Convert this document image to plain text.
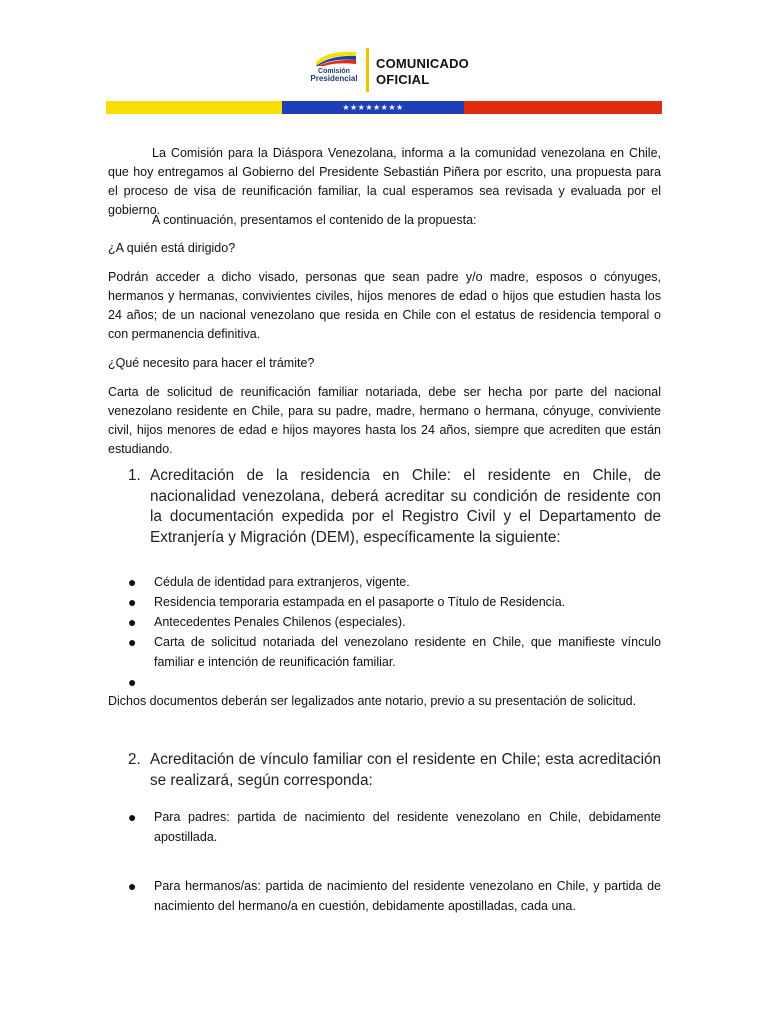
Comisión
Presidencial
COMUNICADO
OFICIAL
★★★★★★★★
La Comisión para la Diáspora Venezolana, informa a la comunidad venezolana en Chile, que hoy entregamos al Gobierno del Presidente Sebastián Piñera por escrito, una propuesta para el proceso de visa de reunificación familiar, la cual esperamos sea revisada y evaluada por el gobierno.
A continuación, presentamos el contenido de la propuesta:
¿A quién está dirigido?
Podrán acceder a dicho visado, personas que sean padre y/o madre, esposos o cónyuges, hermanos y hermanas, convivientes civiles, hijos menores de edad o hijos que estudien hasta los 24 años; de un nacional venezolano que resida en Chile con el estatus de residencia temporal o con permanencia definitiva.
¿Qué necesito para hacer el trámite?
Carta de solicitud de reunificación familiar notariada, debe ser hecha por parte del nacional venezolano residente en Chile, para su padre, madre, hermano o hermana, cónyuge, conviviente civil, hijos menores de edad e hijos mayores hasta los 24 años, siempre que acrediten que están estudiando.
1. Acreditación de la residencia en Chile: el residente en Chile, de nacionalidad venezolana, deberá acreditar su condición de residente con la documentación expedida por el Registro Civil y el Departamento de Extranjería y Migración (DEM), específicamente la siguiente:
● Cédula de identidad para extranjeros, vigente.
● Residencia temporaria estampada en el pasaporte o Título de Residencia.
● Antecedentes Penales Chilenos (especiales).
● Carta de solicitud notariada del venezolano residente en Chile, que manifieste vínculo familiar e intención de reunificación familiar.
●
Dichos documentos deberán ser legalizados ante notario, previo a su presentación de solicitud.
2. Acreditación de vínculo familiar con el residente en Chile; esta acreditación se realizará, según corresponda:
● Para padres: partida de nacimiento del residente venezolano en Chile, debidamente apostillada.
● Para hermanos/as: partida de nacimiento del residente venezolano en Chile, y partida de nacimiento del hermano/a en cuestión, debidamente apostilladas, cada una.
